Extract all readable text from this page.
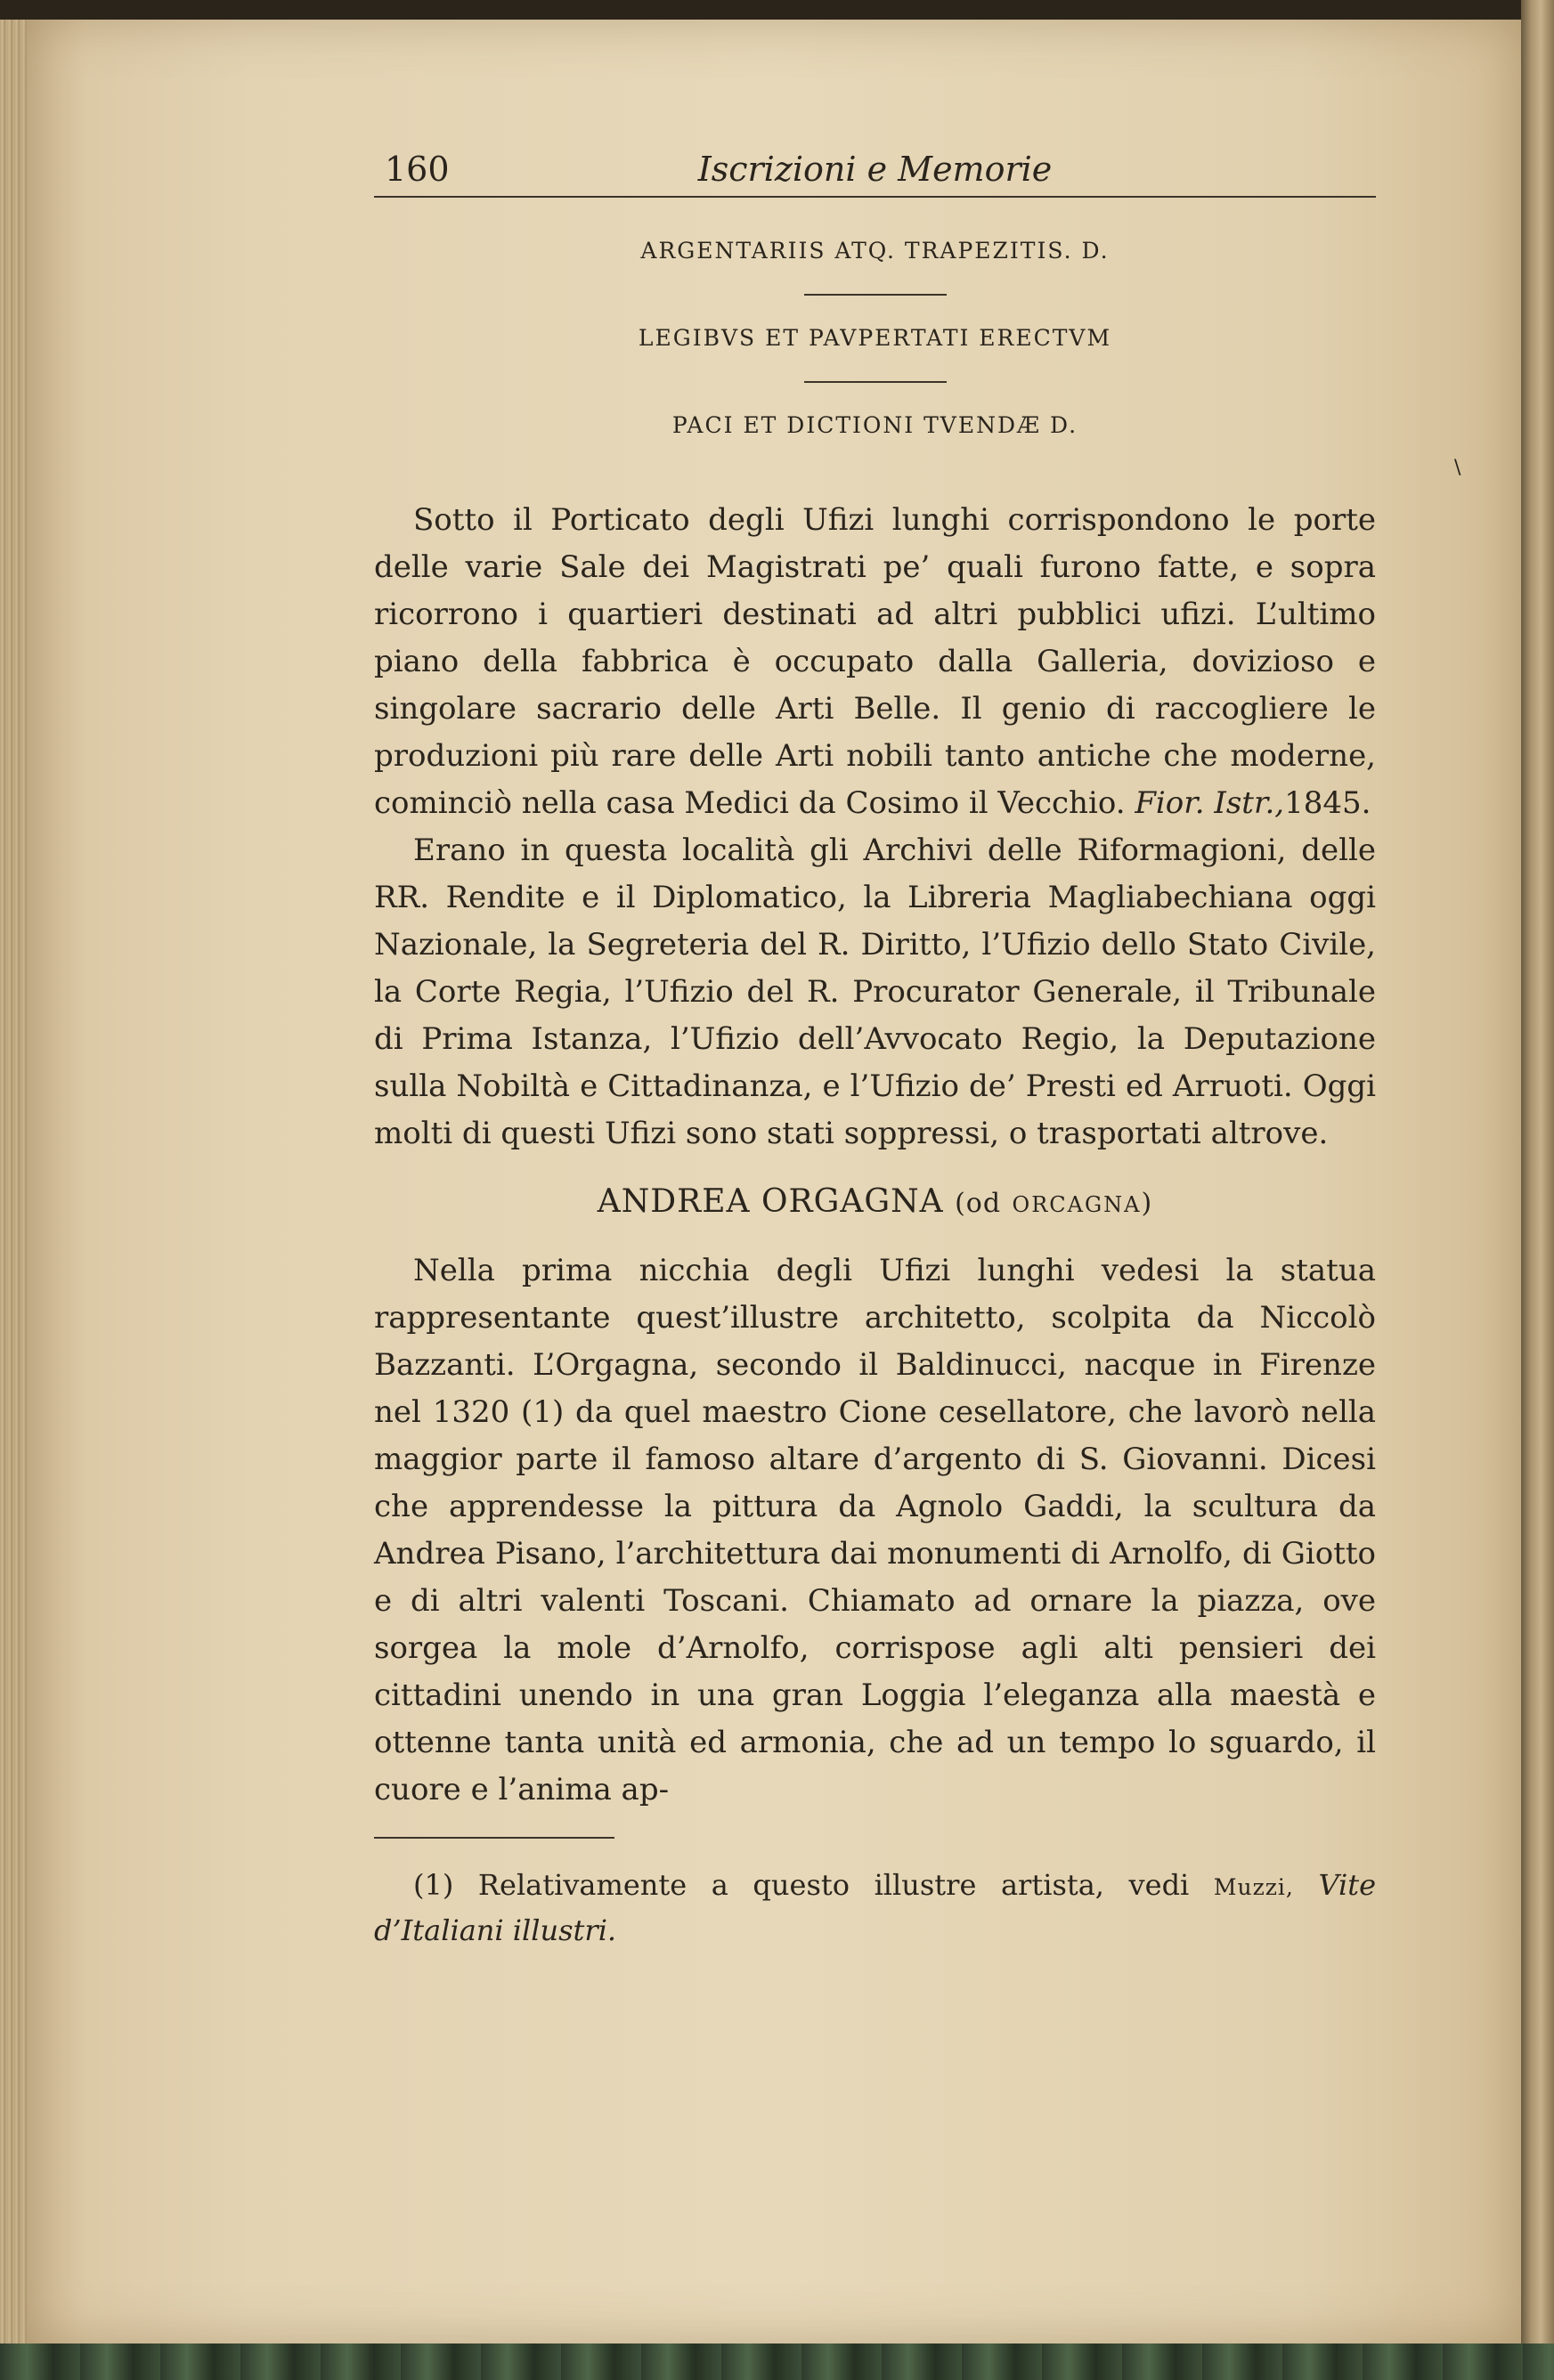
\
160	Iscrizioni e Memorie
ARGENTARIIS ATQ. TRAPEZITIS. D.
LEGIBVS ET PAVPERTATI ERECTVM
PACI ET DICTIONI TVENDÆ D.

Sotto il Porticato degli Ufizi lunghi corrispondono le porte delle varie Sale dei Magistrati pe’ quali furono fatte, e sopra ricorrono i quartieri destinati ad altri pubblici ufizi. L’ultimo piano della fabbrica è occupato dalla Galleria, dovizioso e singolare sacrario delle Arti Belle. Il genio di raccogliere le produzioni più rare delle Arti nobili tanto antiche che moderne, cominciò nella casa Medici da Cosimo il Vecchio. Fior. Istr.,1845.

Erano in questa località gli Archivi delle Riformagioni, delle RR. Rendite e il Diplomatico, la Libreria Magliabechiana oggi Nazionale, la Segreteria del R. Diritto, l’Ufizio dello Stato Civile, la Corte Regia, l’Ufizio del R. Procurator Generale, il Tribunale di Prima Istanza, l’Ufizio dell’Avvocato Regio, la Deputazione sulla Nobiltà e Cittadinanza, e l’Ufizio de’ Presti ed Arruoti. Oggi molti di questi Ufizi sono stati soppressi, o trasportati altrove.

ANDREA ORGAGNA (od ORCAGNA)

Nella prima nicchia degli Ufizi lunghi vedesi la statua rappresentante quest’illustre architetto, scolpita da Niccolò Bazzanti. L’Orgagna, secondo il Baldinucci, nacque in Firenze nel 1320 (1) da quel maestro Cione cesellatore, che lavorò nella maggior parte il famoso altare d’argento di S. Giovanni. Dicesi che apprendesse la pittura da Agnolo Gaddi, la scultura da Andrea Pisano, l’architettura dai monumenti di Arnolfo, di Giotto e di altri valenti Toscani. Chiamato ad ornare la piazza, ove sorgea la mole d’Arnolfo, corrispose agli alti pensieri dei cittadini unendo in una gran Loggia l’eleganza alla maestà e ottenne tanta unità ed armonia, che ad un tempo lo sguardo, il cuore e l’anima ap-

(1) Relativamente a questo illustre artista, vedi Muzzi, Vite d’Italiani illustri.
